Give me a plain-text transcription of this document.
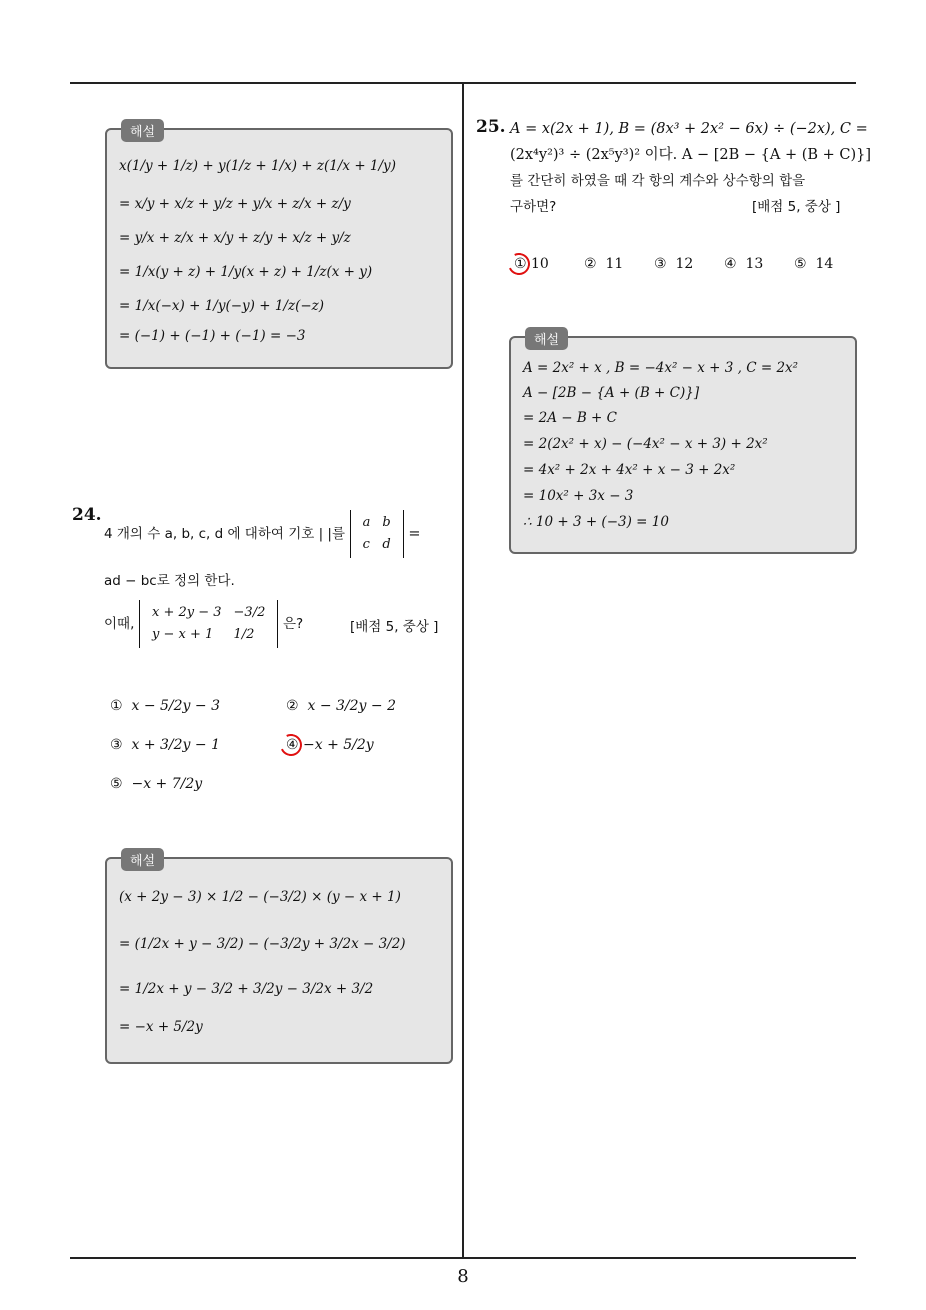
해설
x(1/y + 1/z) + y(1/z + 1/x) + z(1/x + 1/y)
= x/y + x/z + y/z + y/x + z/x + z/y
= y/x + z/x + x/y + z/y + x/z + y/z
= 1/x(y + z) + 1/y(x + z) + 1/z(x + y)
= 1/x(−x) + 1/y(−y) + 1/z(−z)
= (−1) + (−1) + (−1) = −3
24.
4 개의 수 a, b, c, d 에 대하여 기호 | |를
a	b
c	d
=
ad − bc로 정의 한다.
이때,
x + 2y − 3	−3/2
y − x + 1	1/2
은?	[배점 5, 중상 ]
① x − 5/2y − 3	② x − 3/2y − 2
③ x + 3/2y − 1	④ −x + 5/2y
⑤ −x + 7/2y
해설
(x + 2y − 3) × 1/2 − (−3/2) × (y − x + 1)
= (1/2x + y − 3/2) − (−3/2y + 3/2x − 3/2)
= 1/2x + y − 3/2 + 3/2y − 3/2x + 3/2
= −x + 5/2y
25. A = x(2x + 1), B = (8x³ + 2x² − 6x) ÷ (−2x), C =
(2x⁴y²)³ ÷ (2x⁵y³)² 이다. A − [2B − {A + (B + C)}]
를 간단히 하였을 때 각 항의 계수와 상수항의 합을
구하면?	[배점 5, 중상 ]
① 10	② 11 ③ 12 ④ 13 ⑤ 14
해설
A = 2x² + x , B = −4x² − x + 3 , C = 2x²
A − [2B − {A + (B + C)}]
= 2A − B + C
= 2(2x² + x) − (−4x² − x + 3) + 2x²
= 4x² + 2x + 4x² + x − 3 + 2x²
= 10x² + 3x − 3
∴ 10 + 3 + (−3) = 10
8
